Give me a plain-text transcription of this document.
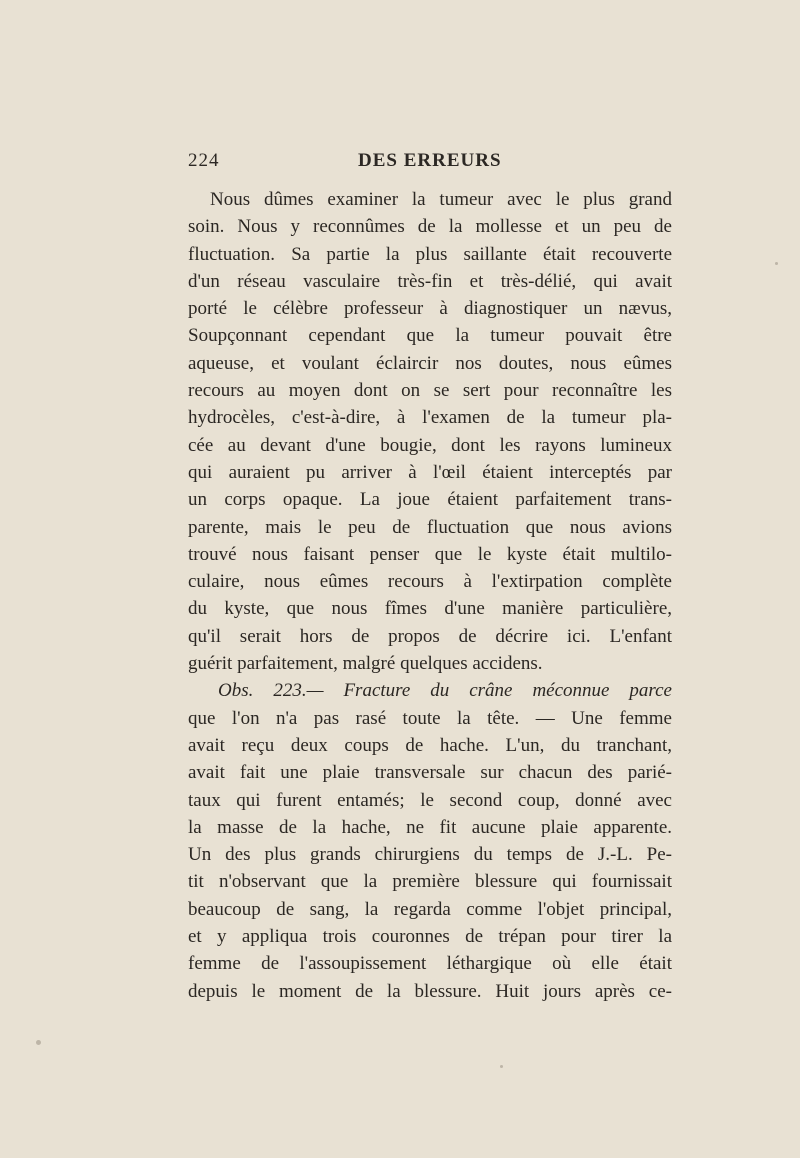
224	DES ERREURS
Nous dûmes examiner la tumeur avec le plus grand
soin. Nous y reconnûmes de la mollesse et un peu de
fluctuation. Sa partie la plus saillante était recouverte
d'un réseau vasculaire très-fin et très-délié, qui avait
porté le célèbre professeur à diagnostiquer un nævus,
Soupçonnant cependant que la tumeur pouvait être
aqueuse, et voulant éclaircir nos doutes, nous eûmes
recours au moyen dont on se sert pour reconnaître les
hydrocèles, c'est-à-dire, à l'examen de la tumeur pla-
cée au devant d'une bougie, dont les rayons lumineux
qui auraient pu arriver à l'œil étaient interceptés par
un corps opaque. La joue étaient parfaitement trans-
parente, mais le peu de fluctuation que nous avions
trouvé nous faisant penser que le kyste était multilo-
culaire, nous eûmes recours à l'extirpation complète
du kyste, que nous fîmes d'une manière particulière,
qu'il serait hors de propos de décrire ici. L'enfant
guérit parfaitement, malgré quelques accidens.
Obs. 223.— Fracture du crâne méconnue parce
que l'on n'a pas rasé toute la tête. — Une femme
avait reçu deux coups de hache. L'un, du tranchant,
avait fait une plaie transversale sur chacun des parié-
taux qui furent entamés; le second coup, donné avec
la masse de la hache, ne fit aucune plaie apparente.
Un des plus grands chirurgiens du temps de J.-L. Pe-
tit n'observant que la première blessure qui fournissait
beaucoup de sang, la regarda comme l'objet principal,
et y appliqua trois couronnes de trépan pour tirer la
femme de l'assoupissement léthargique où elle était
depuis le moment de la blessure. Huit jours après ce-
